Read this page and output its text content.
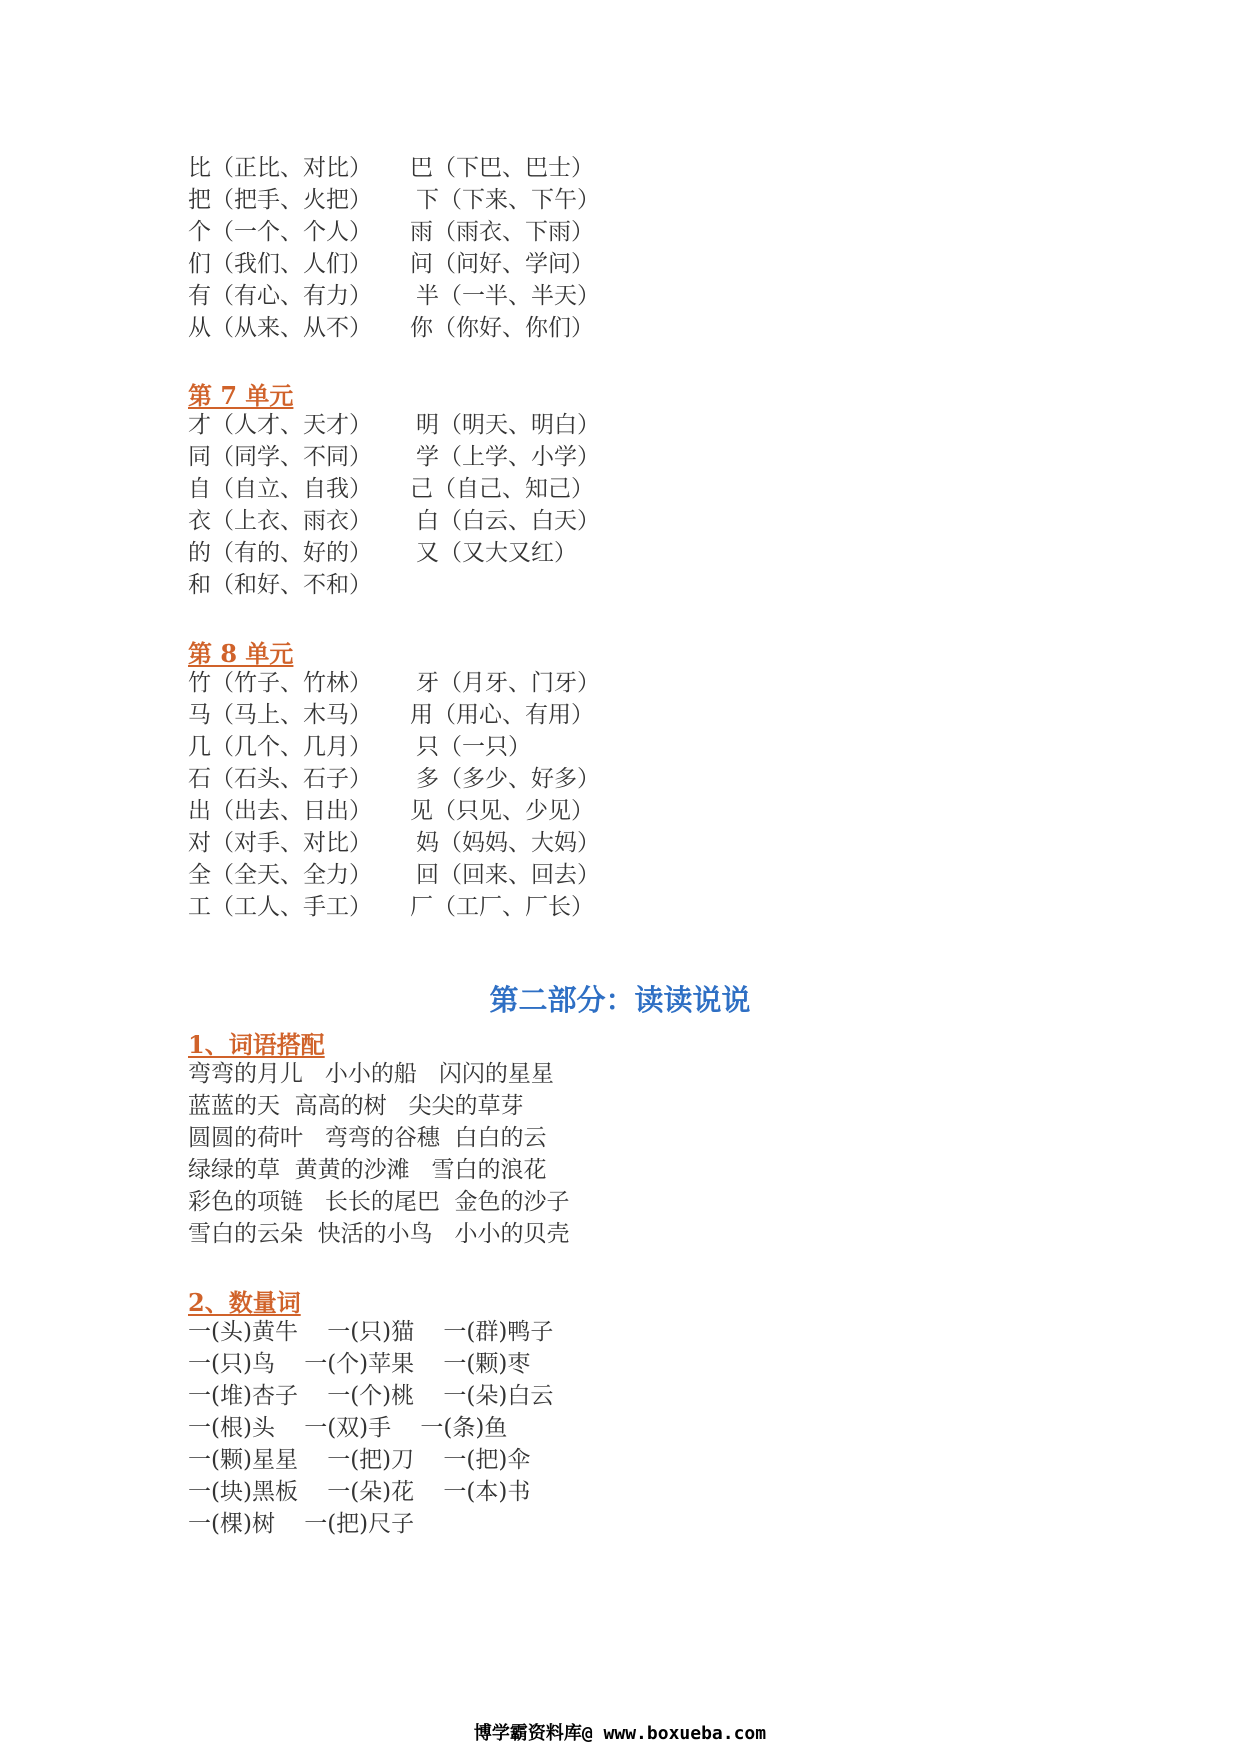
比（正比、对比） 巴（下巴、巴士）
把（把手、火把） 下（下来、下午）
个（一个、个人） 雨（雨衣、下雨）
们（我们、人们） 问（问好、学问）
有（有心、有力） 半（一半、半天）
从（从来、从不） 你（你好、你们）
第 7 单元
才（人才、天才） 明（明天、明白）
同（同学、不同） 学（上学、小学）
自（自立、自我） 己（自己、知己）
衣（上衣、雨衣） 白（白云、白天）
的（有的、好的） 又（又大又红）
和（和好、不和）
第 8 单元
竹（竹子、竹林） 牙（月牙、门牙）
马（马上、木马） 用（用心、有用）
几（几个、几月） 只（一只）
石（石头、石子） 多（多少、好多）
出（出去、日出） 见（只见、少见）
对（对手、对比） 妈（妈妈、大妈）
全（全天、全力） 回（回来、回去）
工（工人、手工） 厂（工厂、厂长）
第二部分：读读说说
1、词语搭配
弯弯的月儿   小小的船   闪闪的星星
蓝蓝的天  高高的树   尖尖的草芽
圆圆的荷叶   弯弯的谷穗  白白的云
绿绿的草  黄黄的沙滩   雪白的浪花
彩色的项链   长长的尾巴  金色的沙子
雪白的云朵  快活的小鸟   小小的贝壳
2、数量词
一(头)黄牛    一(只)猫    一(群)鸭子
一(只)鸟    一(个)苹果    一(颗)枣
一(堆)杏子    一(个)桃    一(朵)白云
一(根)头    一(双)手    一(条)鱼
一(颗)星星    一(把)刀    一(把)伞
一(块)黑板    一(朵)花    一(本)书
一(棵)树    一(把)尺子
博学霸资料库@ www.boxueba.com
